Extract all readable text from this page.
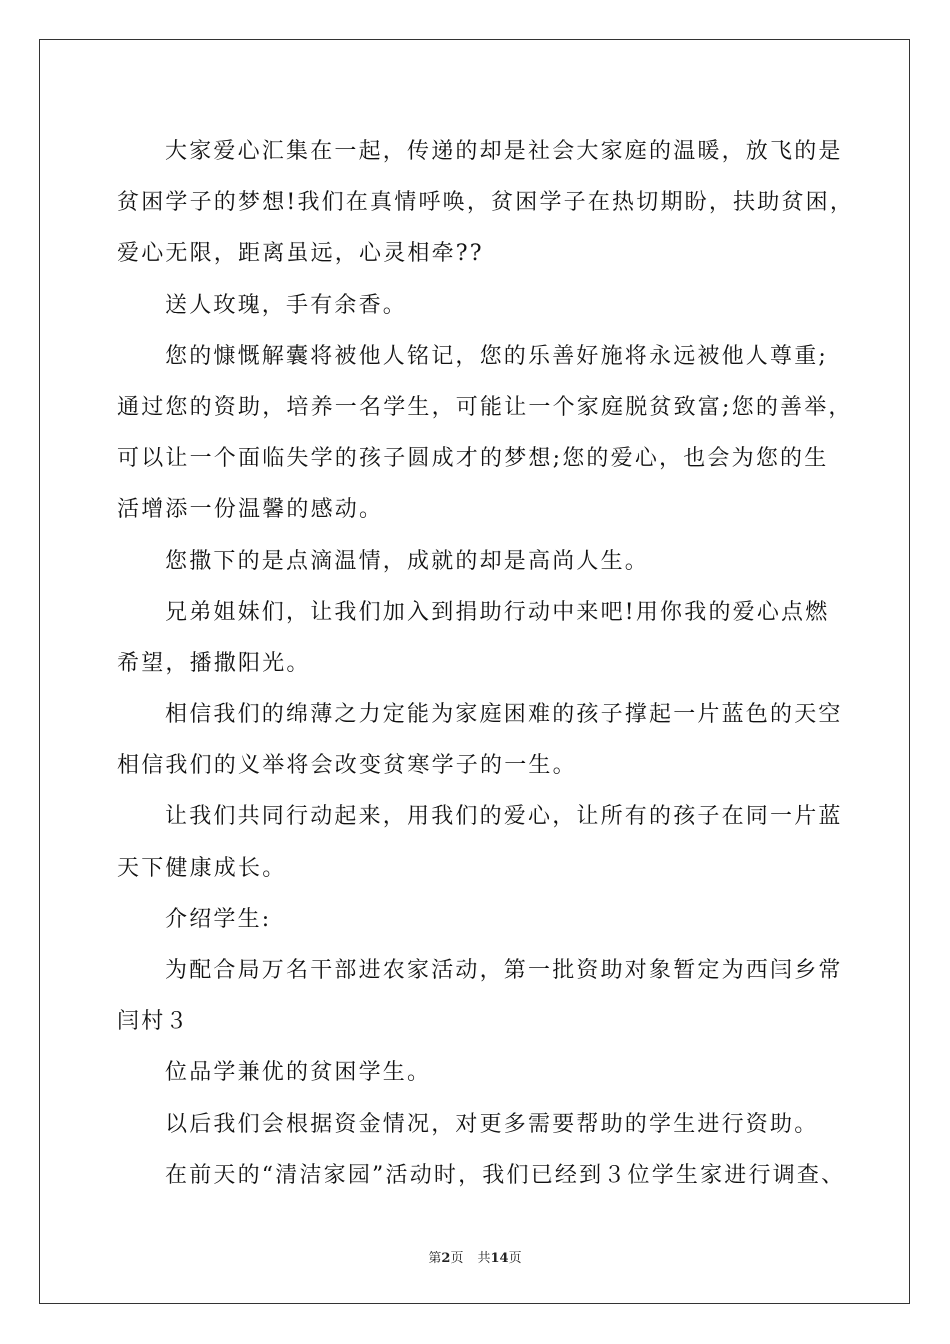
大家爱心汇集在一起，传递的却是社会大家庭的温暖，放飞的是
贫困学子的梦想!我们在真情呼唤，贫困学子在热切期盼，扶助贫困，
爱心无限，距离虽远，心灵相牵??
送人玫瑰，手有余香。
您的慷慨解囊将被他人铭记，您的乐善好施将永远被他人尊重;
通过您的资助，培养一名学生，可能让一个家庭脱贫致富;您的善举，
可以让一个面临失学的孩子圆成才的梦想;您的爱心，也会为您的生
活增添一份温馨的感动。
您撒下的是点滴温情，成就的却是高尚人生。
兄弟姐妹们，让我们加入到捐助行动中来吧!用你我的爱心点燃
希望，播撒阳光。
相信我们的绵薄之力定能为家庭困难的孩子撑起一片蓝色的天空
相信我们的义举将会改变贫寒学子的一生。
让我们共同行动起来，用我们的爱心，让所有的孩子在同一片蓝
天下健康成长。
介绍学生:
为配合局万名干部进农家活动，第一批资助对象暂定为西闫乡常
闫村３
位品学兼优的贫困学生。
以后我们会根据资金情况，对更多需要帮助的学生进行资助。
在前天的“清洁家园”活动时，我们已经到３位学生家进行调查、
第2页 共14页
